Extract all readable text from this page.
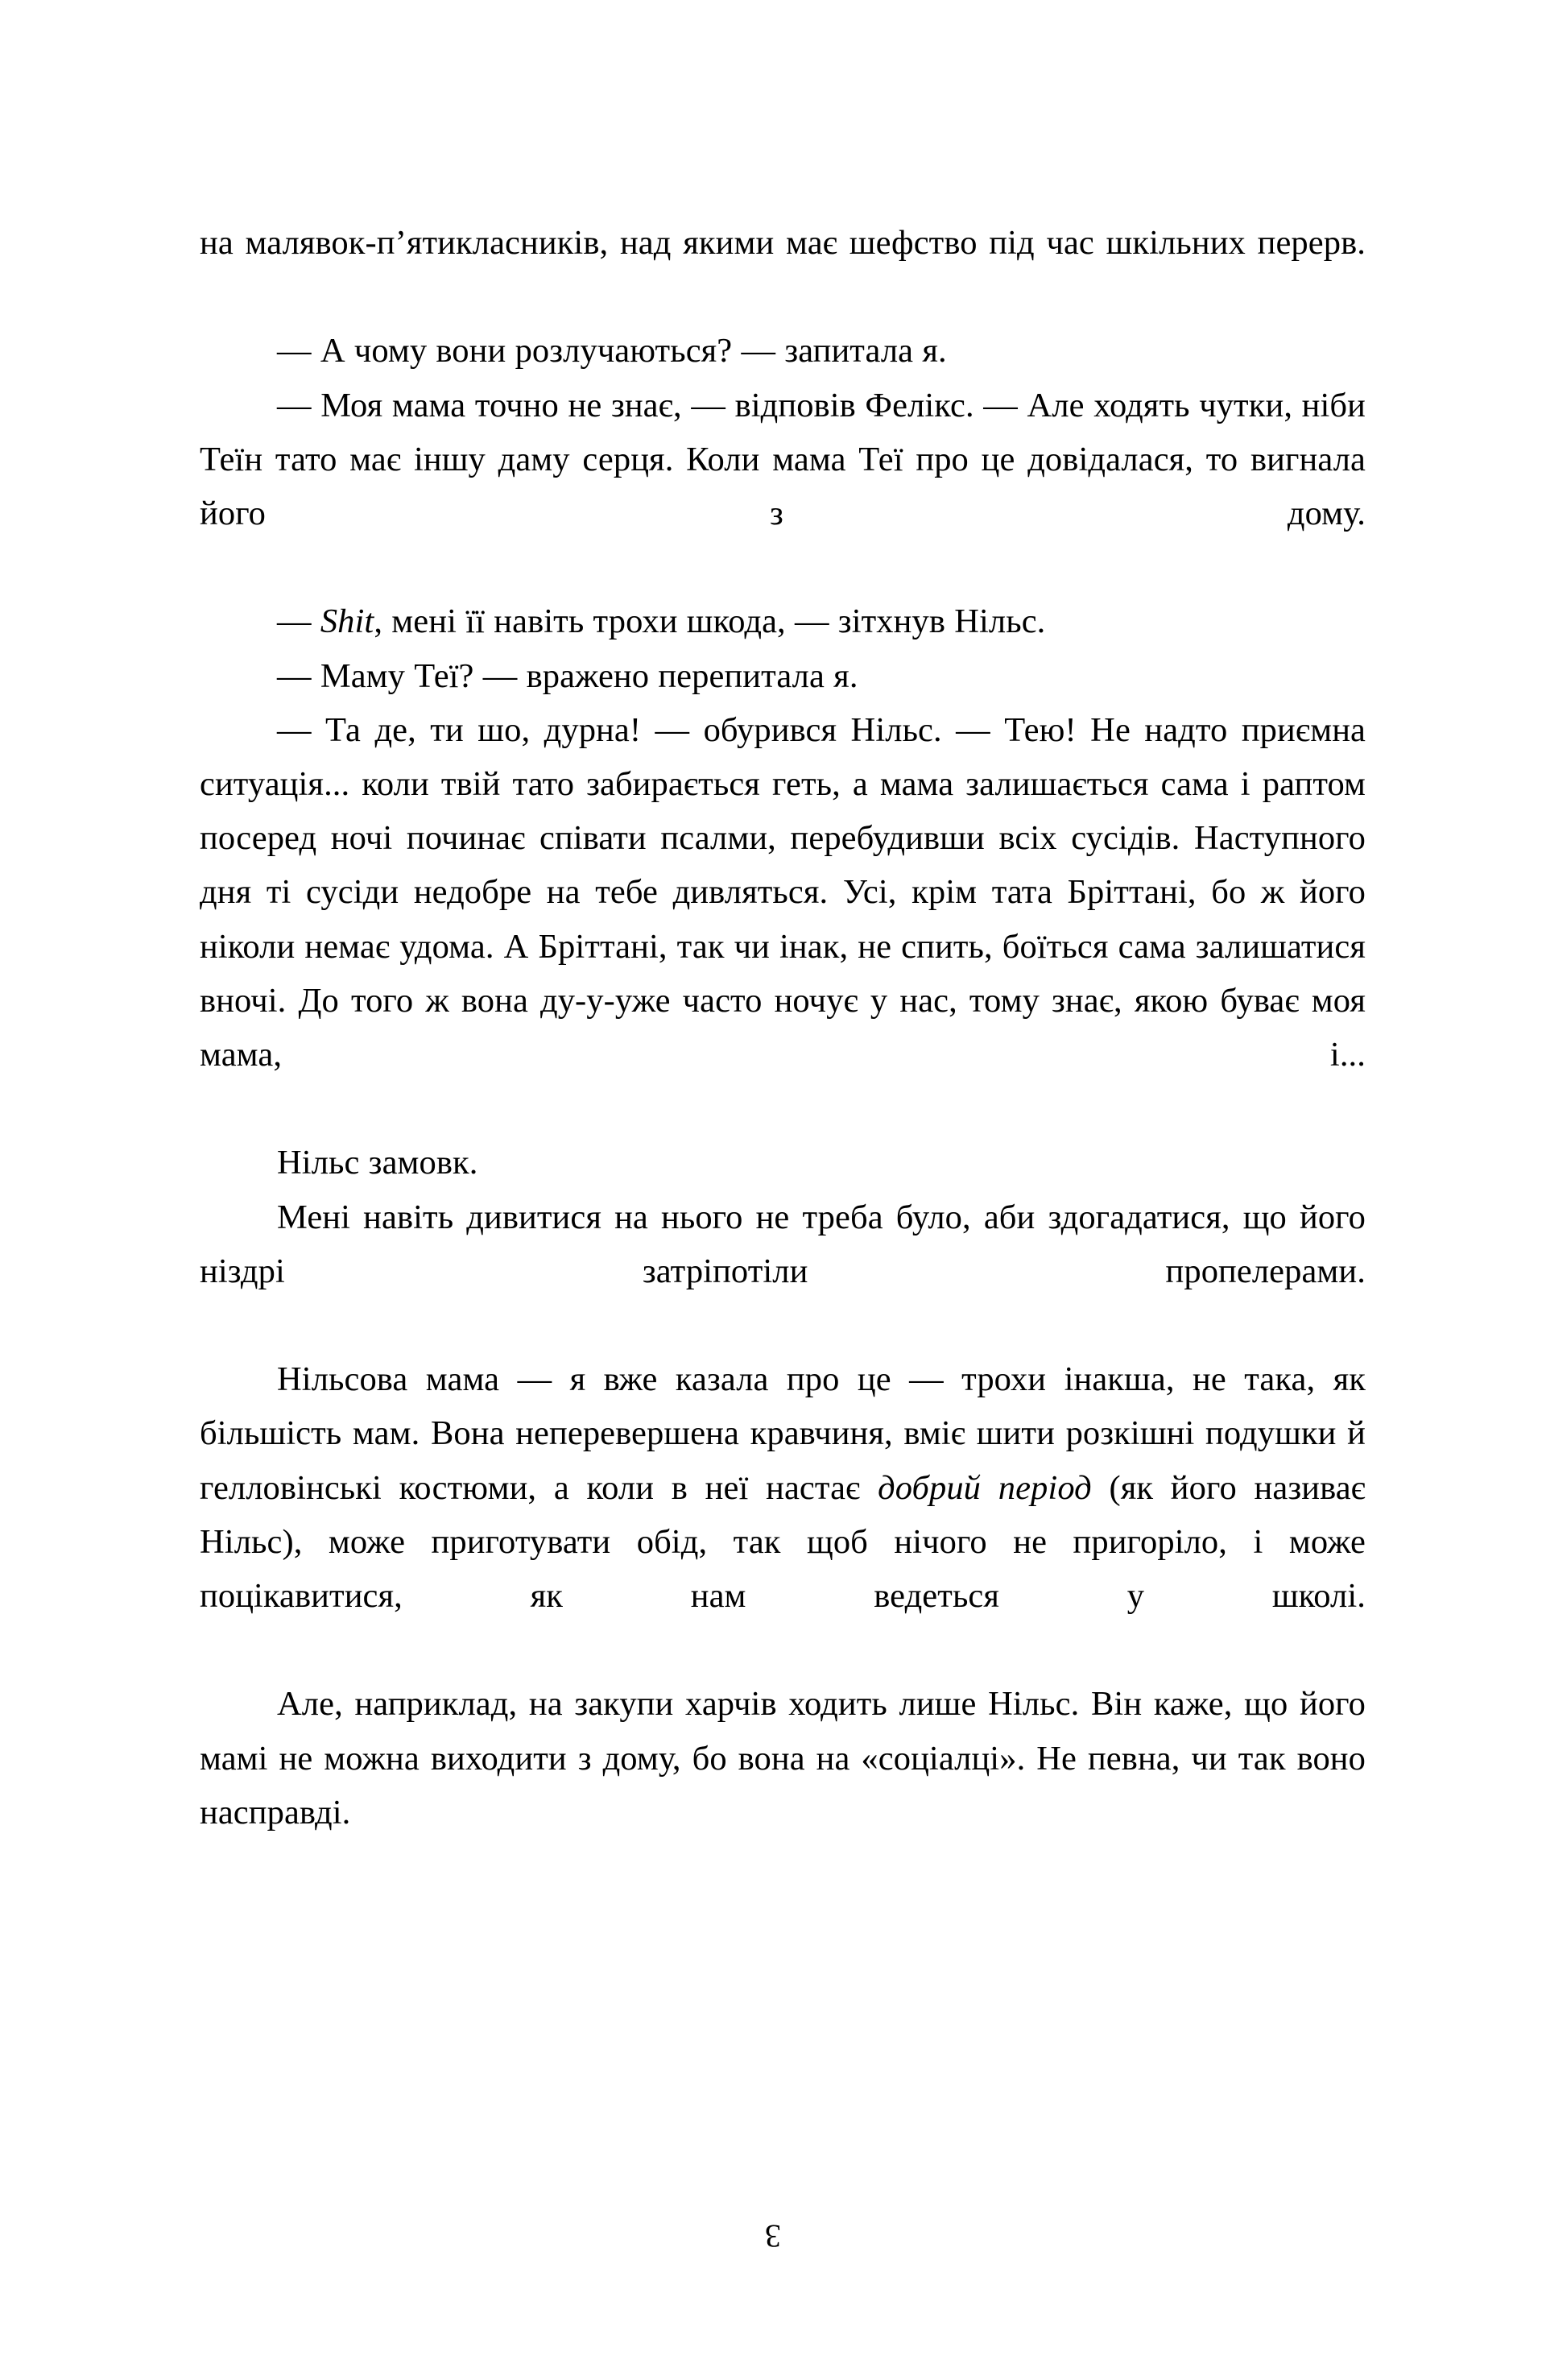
на малявок-п’ятикласників, над якими має шефство під час шкільних перерв.

— А чому вони розлучаються? — запитала я.

— Моя мама точно не знає, — відповів Фелікс. — Але ходять чутки, ніби Теїн тато має іншу даму серця. Коли мама Теї про це довідалася, то вигнала його з дому.

— Shit, мені її навіть трохи шкода, — зітхнув Нільс.

— Маму Теї? — вражено перепитала я.

— Та де, ти шо, дурна! — обурився Нільс. — Тею! Не надто приємна ситуація... коли твій тато забирається геть, а мама залишається сама і раптом посеред ночі починає співати псалми, перебудивши всіх сусідів. Наступного дня ті сусіди недобре на тебе дивляться. Усі, крім тата Бріттані, бо ж його ніколи немає удома. А Бріттані, так чи інак, не спить, боїться сама залишатися вночі. До того ж вона ду-у-уже часто ночує у нас, тому знає, якою буває моя мама, і...

Нільс замовк.

Мені навіть дивитися на нього не треба було, аби здогадатися, що його ніздрі затріпотіли пропелерами.

Нільсова мама — я вже казала про це — трохи інакша, не така, як більшість мам. Вона неперевершена кравчиня, вміє шити розкішні подушки й гелловінські костюми, а коли в неї настає добрий період (як його називає Нільс), може приготувати обід, так щоб нічого не пригоріло, і може поцікавитися, як нам ведеться у школі.

Але, наприклад, на закупи харчів ходить лише Нільс. Він каже, що його мамі не можна виходити з дому, бо вона на «соціалці». Не певна, чи так воно насправді.

3
